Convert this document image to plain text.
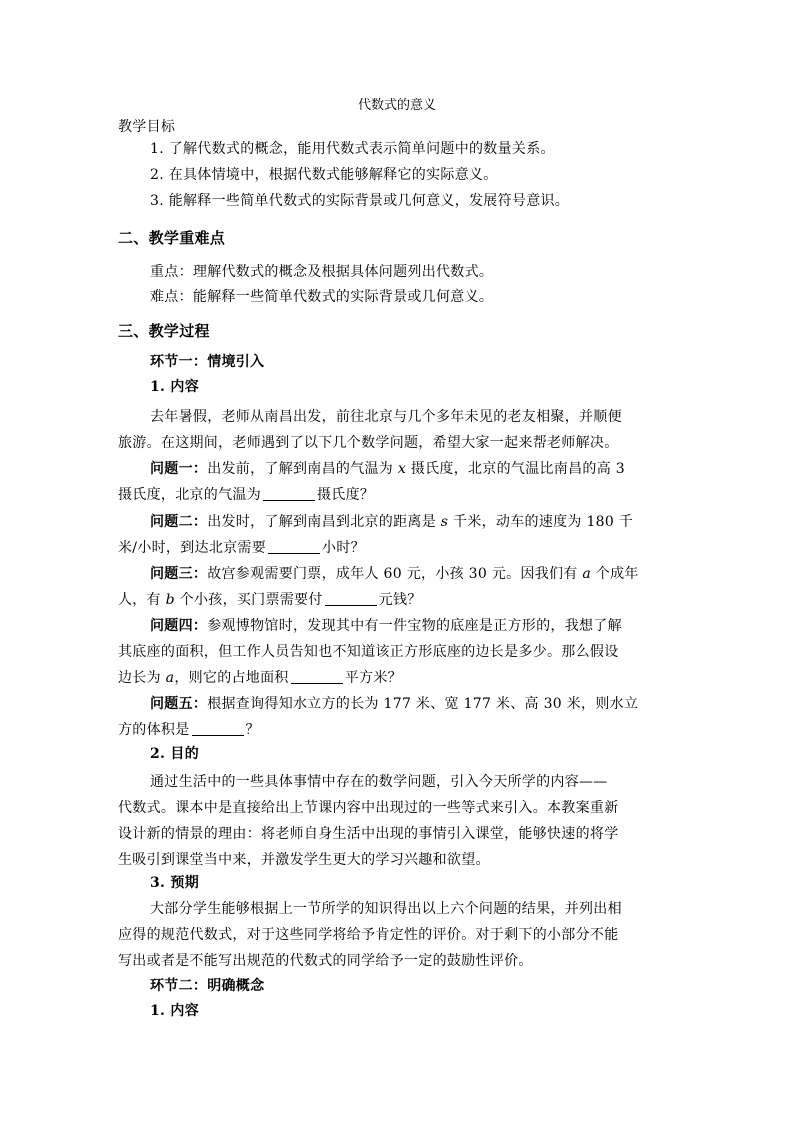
代数式的意义
教学目标
1. 了解代数式的概念，能用代数式表示简单问题中的数量关系。
2. 在具体情境中，根据代数式能够解释它的实际意义。
3. 能解释一些简单代数式的实际背景或几何意义，发展符号意识。
二、教学重难点
重点：理解代数式的概念及根据具体问题列出代数式。
难点：能解释一些简单代数式的实际背景或几何意义。
三、教学过程
环节一：情境引入
1. 内容
去年暑假，老师从南昌出发，前往北京与几个多年未见的老友相聚，并顺便
旅游。在这期间，老师遇到了以下几个数学问题，希望大家一起来帮老师解决。
问题一：出发前，了解到南昌的气温为 x 摄氏度，北京的气温比南昌的高 3
摄氏度，北京的气温为	摄氏度？
问题二：出发时，了解到南昌到北京的距离是 s 千米，动车的速度为 180 千
米/小时，到达北京需要	小时？
问题三：故宫参观需要门票，成年人 60 元，小孩 30 元。因我们有 a 个成年
人，有 b 个小孩，买门票需要付	元钱？
问题四：参观博物馆时，发现其中有一件宝物的底座是正方形的，我想了解
其底座的面积，但工作人员告知也不知道该正方形底座的边长是多少。那么假设
边长为 a，则它的占地面积	平方米？
问题五：根据查询得知水立方的长为 177 米、宽 177 米、高 30 米，则水立
方的体积是	？
2. 目的
通过生活中的一些具体事情中存在的数学问题，引入今天所学的内容——
代数式。课本中是直接给出上节课内容中出现过的一些等式来引入。本教案重新
设计新的情景的理由：将老师自身生活中出现的事情引入课堂，能够快速的将学
生吸引到课堂当中来，并激发学生更大的学习兴趣和欲望。
3. 预期
大部分学生能够根据上一节所学的知识得出以上六个问题的结果，并列出相
应得的规范代数式，对于这些同学将给予肯定性的评价。对于剩下的小部分不能
写出或者是不能写出规范的代数式的同学给予一定的鼓励性评价。
环节二：明确概念
1. 内容
